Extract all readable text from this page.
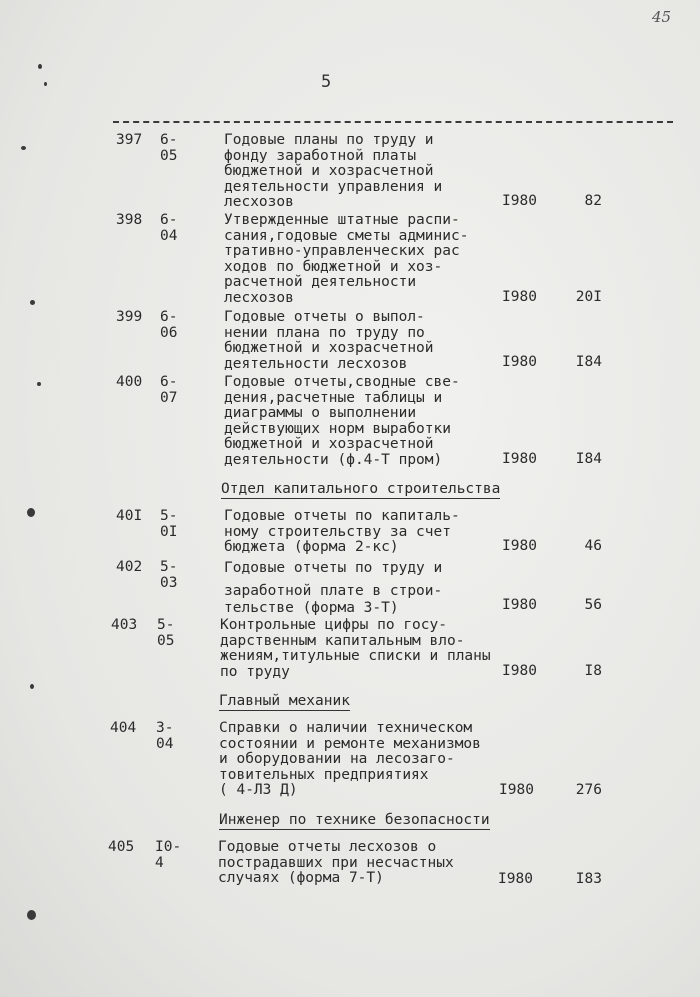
45
5
397 6-05
Годовые планы по труду и
фонду заработной платы
бюджетной и хозрасчетной
деятельности управления и
лесхозов	I980	82
398 6-04
Утвержденные штатные распи-
сания,годовые сметы админис-
тративно-управленческих рас
ходов по бюджетной и хоз-
расчетной деятельности
лесхозов	I980	20I
399 6-06
Годовые отчеты о выпол-
нении плана по труду по
бюджетной и хозрасчетной
деятельности лесхозов	I980	I84
400 6-07
Годовые отчеты,сводные све-
дения,расчетные таблицы и
диаграммы о выполнении
действующих норм выработки
бюджетной и хозрасчетной
деятельности (ф.4-Т пром)	I980	I84
Отдел капитального строительства
40I 5-0I
Годовые отчеты по капиталь-
ному строительству за счет
бюджета (форма 2-кс)	I980	46
402 5-03
Годовые отчеты по труду и
заработной плате в строи-
тельстве (форма 3-Т)	I980	56
403 5-05
Контрольные цифры по госу-
дарственным капитальным вло-
жениям,титульные списки и планы
по труду	I980	I8
Главный механик
404 3-04
Справки о наличии техническом
состоянии и ремонте механизмов
и оборудовании на лесозаго-
товительных предприятиях
( 4-ЛЗ Д)	I980	276
Инженер по технике безопасности
405 I0-4
Годовые отчеты лесхозов о
пострадавших при несчастных
случаях (форма 7-Т)	I980	I83
